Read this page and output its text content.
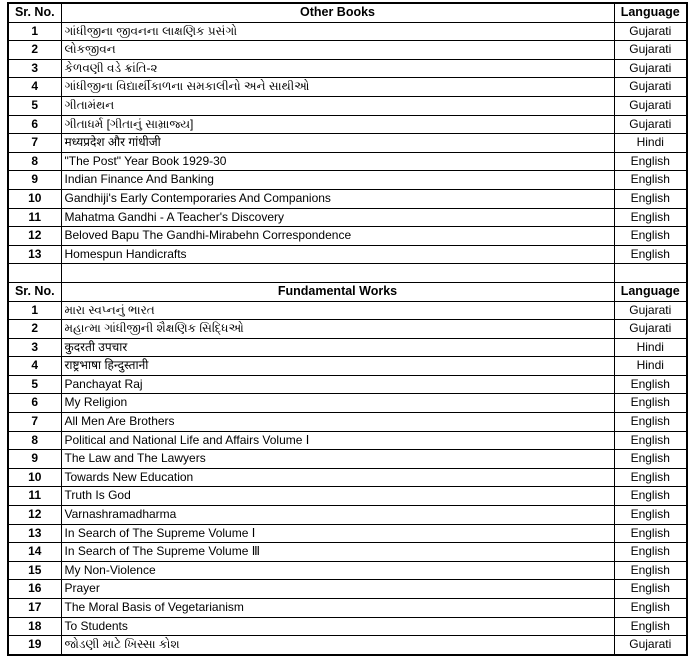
Sr. No.	Other Books	Language
1	ગાંધીજીના જીવનના લાક્ષણિક પ્રસંગો	Gujarati
2	લોકજીવન	Gujarati
3	કેળવણી વડે ક્રાંતિ-૨	Gujarati
4	ગાંધીજીના વિદ્યાર્થીકાળના સમકાલીનો અને સાથીઓ	Gujarati
5	ગીતામંથન	Gujarati
6	ગીતાધર્મ [ગીતાનું સામ્રાજ્ય]	Gujarati
7	मध्यप्रदेश और गांधीजी	Hindi
8	"The Post" Year Book 1929-30	English
9	Indian Finance And Banking	English
10	Gandhiji's Early Contemporaries And Companions	English
11	Mahatma Gandhi - A Teacher's Discovery	English
12	Beloved Bapu The Gandhi-Mirabehn Correspondence	English
13	Homespun Handicrafts	English

Sr. No.	Fundamental Works	Language
1	મારા સ્વપ્નનું ભારત	Gujarati
2	મહાત્મા ગાંધીજીની શૈક્ષણિક સિદ્ધિઓ	Gujarati
3	कुदरती उपचार	Hindi
4	राष्ट्रभाषा हिन्दुस्तानी	Hindi
5	Panchayat Raj	English
6	My Religion	English
7	All Men Are Brothers	English
8	Political and National Life and Affairs Volume Ⅰ	English
9	The Law and The Lawyers	English
10	Towards New Education	English
11	Truth Is God	English
12	Varnashramadharma	English
13	In Search of The Supreme Volume Ⅰ	English
14	In Search of The Supreme Volume Ⅲ	English
15	My Non-Violence	English
16	Prayer	English
17	The Moral Basis of Vegetarianism	English
18	To Students	English
19	જોડણી માટે ખિસ્સા કોશ	Gujarati
